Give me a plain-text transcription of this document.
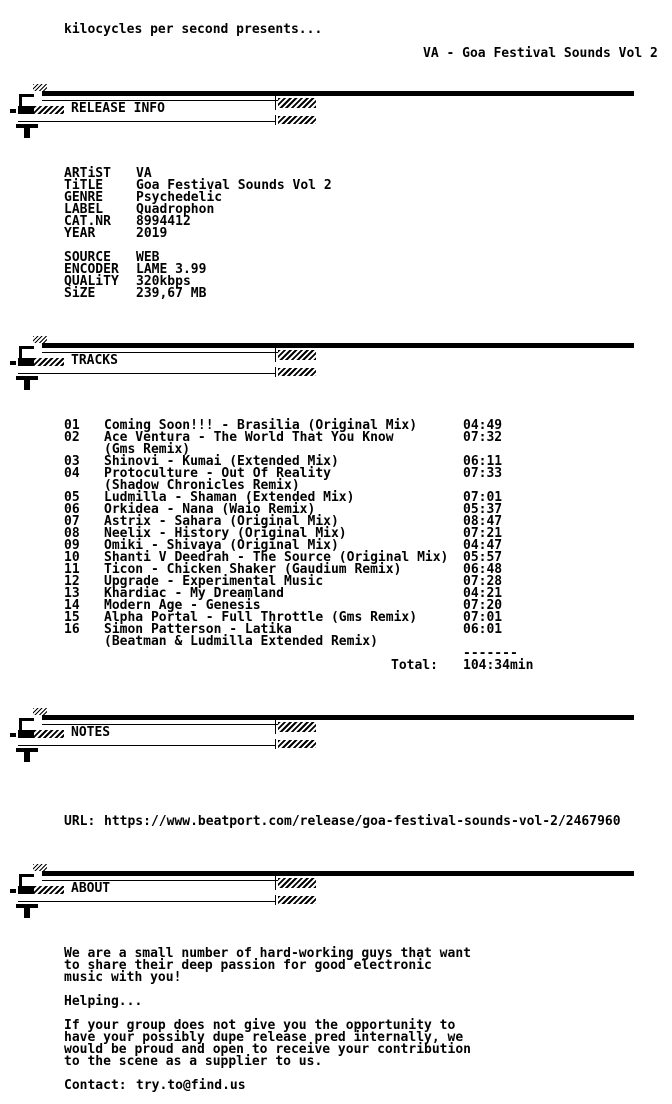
kilocycles per second presents...
VA - Goa Festival Sounds Vol 2
RELEASE INFO
ARTiST VA
TiTLE	Goa Festival Sounds Vol 2
GENRE	Psychedelic
LABEL	Quadrophon
CAT.NR 8994412
YEAR	2019
SOURCE WEB
ENCODER LAME 3.99
QUALiTY 320kbps
SiZE	239,67 MB
TRACKS
01 Coming Soon!!! - Brasilia (Original Mix)	04:49
02 Ace Ventura - The World That You Know	07:32
(Gms Remix)
03 Shinovi - Kumai (Extended Mix)	06:11
04 Protoculture - Out Of Reality	07:33
(Shadow Chronicles Remix)
05 Ludmilla - Shaman (Extended Mix)	07:01
06 Orkidea - Nana (Waio Remix)	05:37
07 Astrix - Sahara (Original Mix)	08:47
08 Neelix - History (Original Mix)	07:21
09 Omiki - Shivaya (Original Mix)	04:47
10 Shanti V Deedrah - The Source (Original Mix) 05:57
11 Ticon - Chicken Shaker (Gaudium Remix)	06:48
12 Upgrade - Experimental Music	07:28
13 Khardiac - My Dreamland	04:21
14 Modern Age - Genesis	07:20
15 Alpha Portal - Full Throttle (Gms Remix)	07:01
16 Simon Patterson - Latika	06:01
(Beatman & Ludmilla Extended Remix)
-------
Total: 104:34min
NOTES
URL: https://www.beatport.com/release/goa-festival-sounds-vol-2/2467960
ABOUT
We are a small number of hard-working guys that want
to share their deep passion for good electronic
music with you!
Helping...
If your group does not give you the opportunity to
have your possibly dupe release pred internally, we
would be proud and open to receive your contribution
to the scene as a supplier to us.
Contact: try.to@find.us
